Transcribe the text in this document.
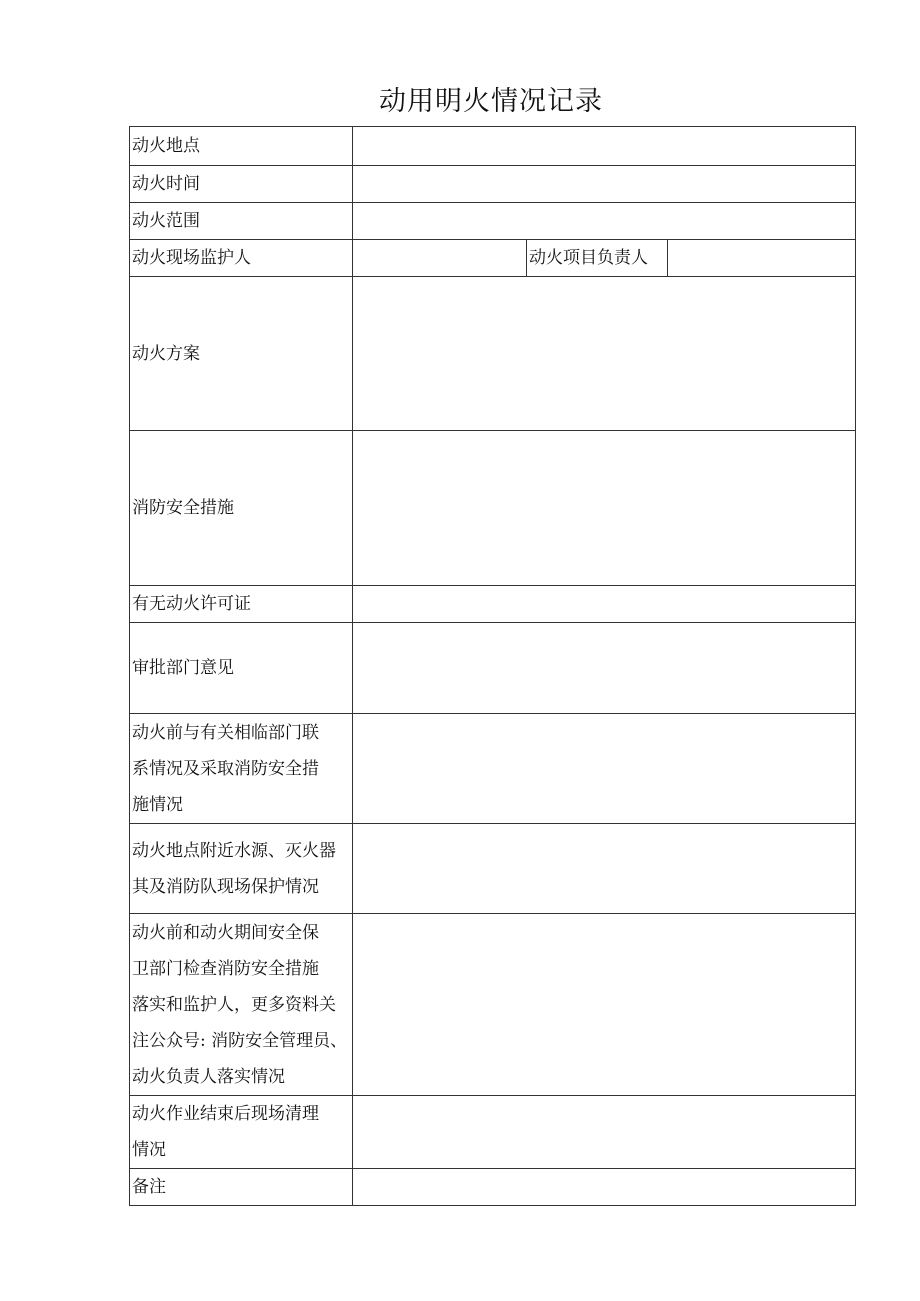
动用明火情况记录
动火地点			
动火时间			
动火范围			
动火现场监护人		动火项目负责人	
动火方案			
消防安全措施			
有无动火许可证			
审批部门意见			

动火前与有关相临部门联
系情况及采取消防安全措
施情况			

动火地点附近水源、灭火器
其及消防队现场保护情况			

动火前和动火期间安全保
卫部门检查消防安全措施
落实和监护人，更多资料关
注公众号: 消防安全管理员、
动火负责人落实情况			

动火作业结束后现场清理
情况			

备注			
